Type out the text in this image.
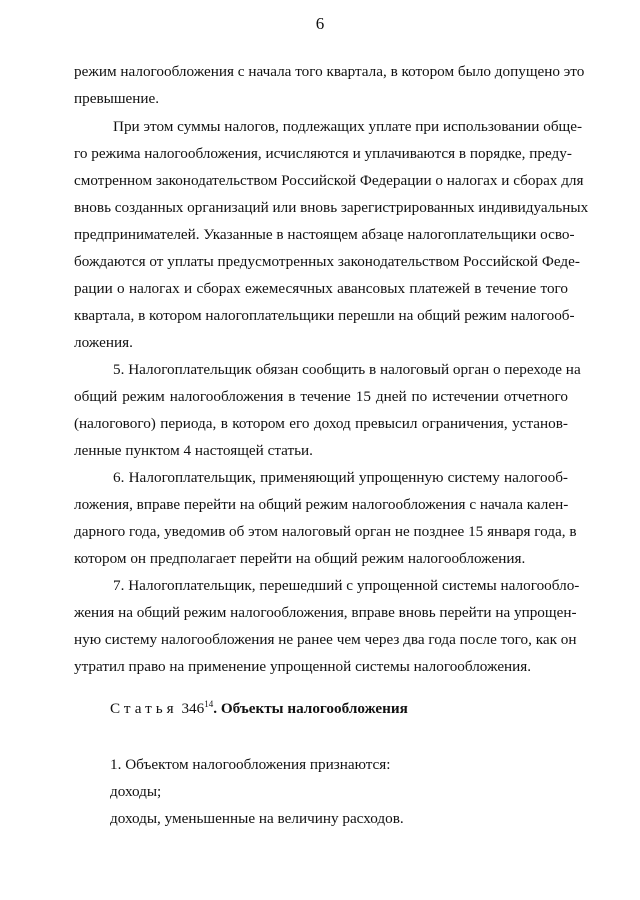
6
режим налогообложения с начала того квартала, в котором было допущено это
превышение.
При этом суммы налогов, подлежащих уплате при использовании обще-
го режима налогообложения, исчисляются и уплачиваются в порядке, преду-
смотренном законодательством Российской Федерации о налогах и сборах для
вновь созданных организаций или вновь зарегистрированных индивидуальных
предпринимателей. Указанные в настоящем абзаце налогоплательщики осво-
бождаются от уплаты предусмотренных законодательством Российской Феде-
рации о налогах и сборах ежемесячных авансовых платежей в течение того
квартала, в котором налогоплательщики перешли на общий режим налогооб-
ложения.
5. Налогоплательщик обязан сообщить в налоговый орган о переходе на
общий режим налогообложения в течение 15 дней по истечении отчетного
(налогового) периода, в котором его доход превысил ограничения, установ-
ленные пунктом 4 настоящей статьи.
6. Налогоплательщик, применяющий упрощенную систему налогооб-
ложения, вправе перейти на общий режим налогообложения с начала кален-
дарного года, уведомив об этом налоговый орган не позднее 15 января года, в
котором он предполагает перейти на общий режим налогообложения.
7. Налогоплательщик, перешедший с упрощенной системы налогообло-
жения на общий режим налогообложения, вправе вновь перейти на упрощен-
ную систему налогообложения не ранее чем через два года после того, как он
утратил право на применение упрощенной системы налогообложения.
Статья $346^{14}$. Объекты налогообложения
1. Объектом налогообложения признаются:
доходы;
доходы, уменьшенные на величину расходов.
